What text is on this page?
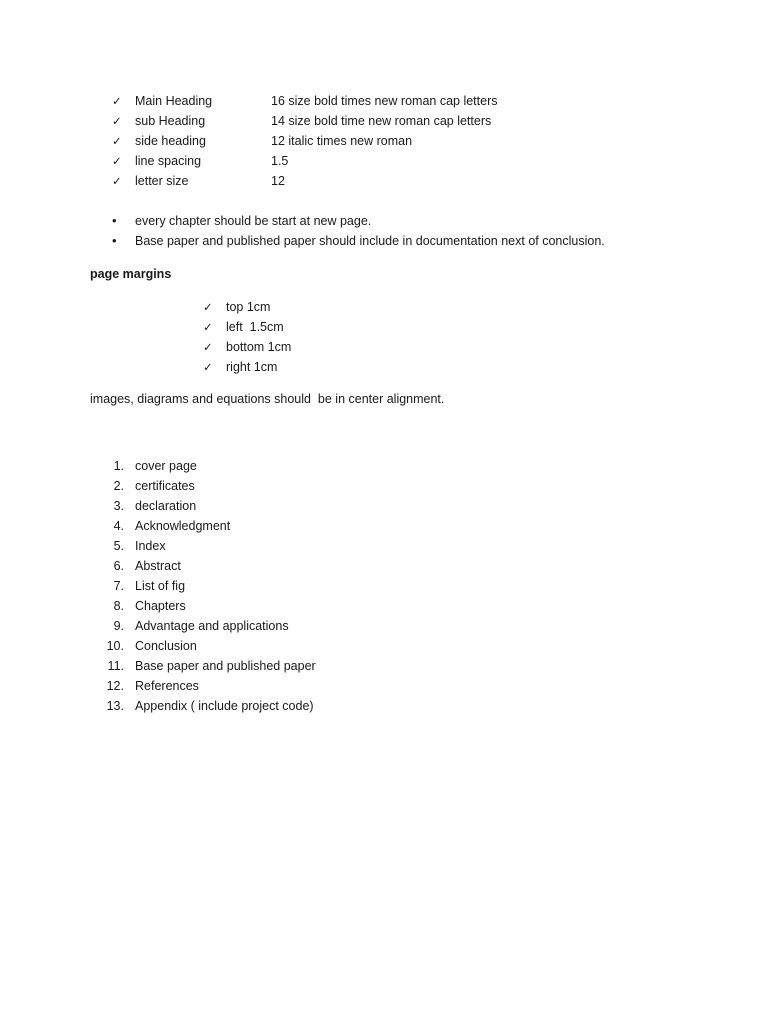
✓ Main Heading	16 size bold times new roman cap letters
✓ sub Heading	14 size bold time new roman cap letters
✓ side heading	12 italic times new roman
✓ line spacing	1.5
✓ letter size	12
• every chapter should be start at new page.
• Base paper and published paper should include in documentation next of conclusion.
page margins
✓ top 1cm
✓ left  1.5cm
✓ bottom 1cm
✓ right 1cm
images, diagrams and equations should  be in center alignment.
1. cover page
2. certificates
3. declaration
4. Acknowledgment
5. Index
6. Abstract
7. List of fig
8. Chapters
9. Advantage and applications
10. Conclusion
11. Base paper and published paper
12. References
13. Appendix ( include project code)
